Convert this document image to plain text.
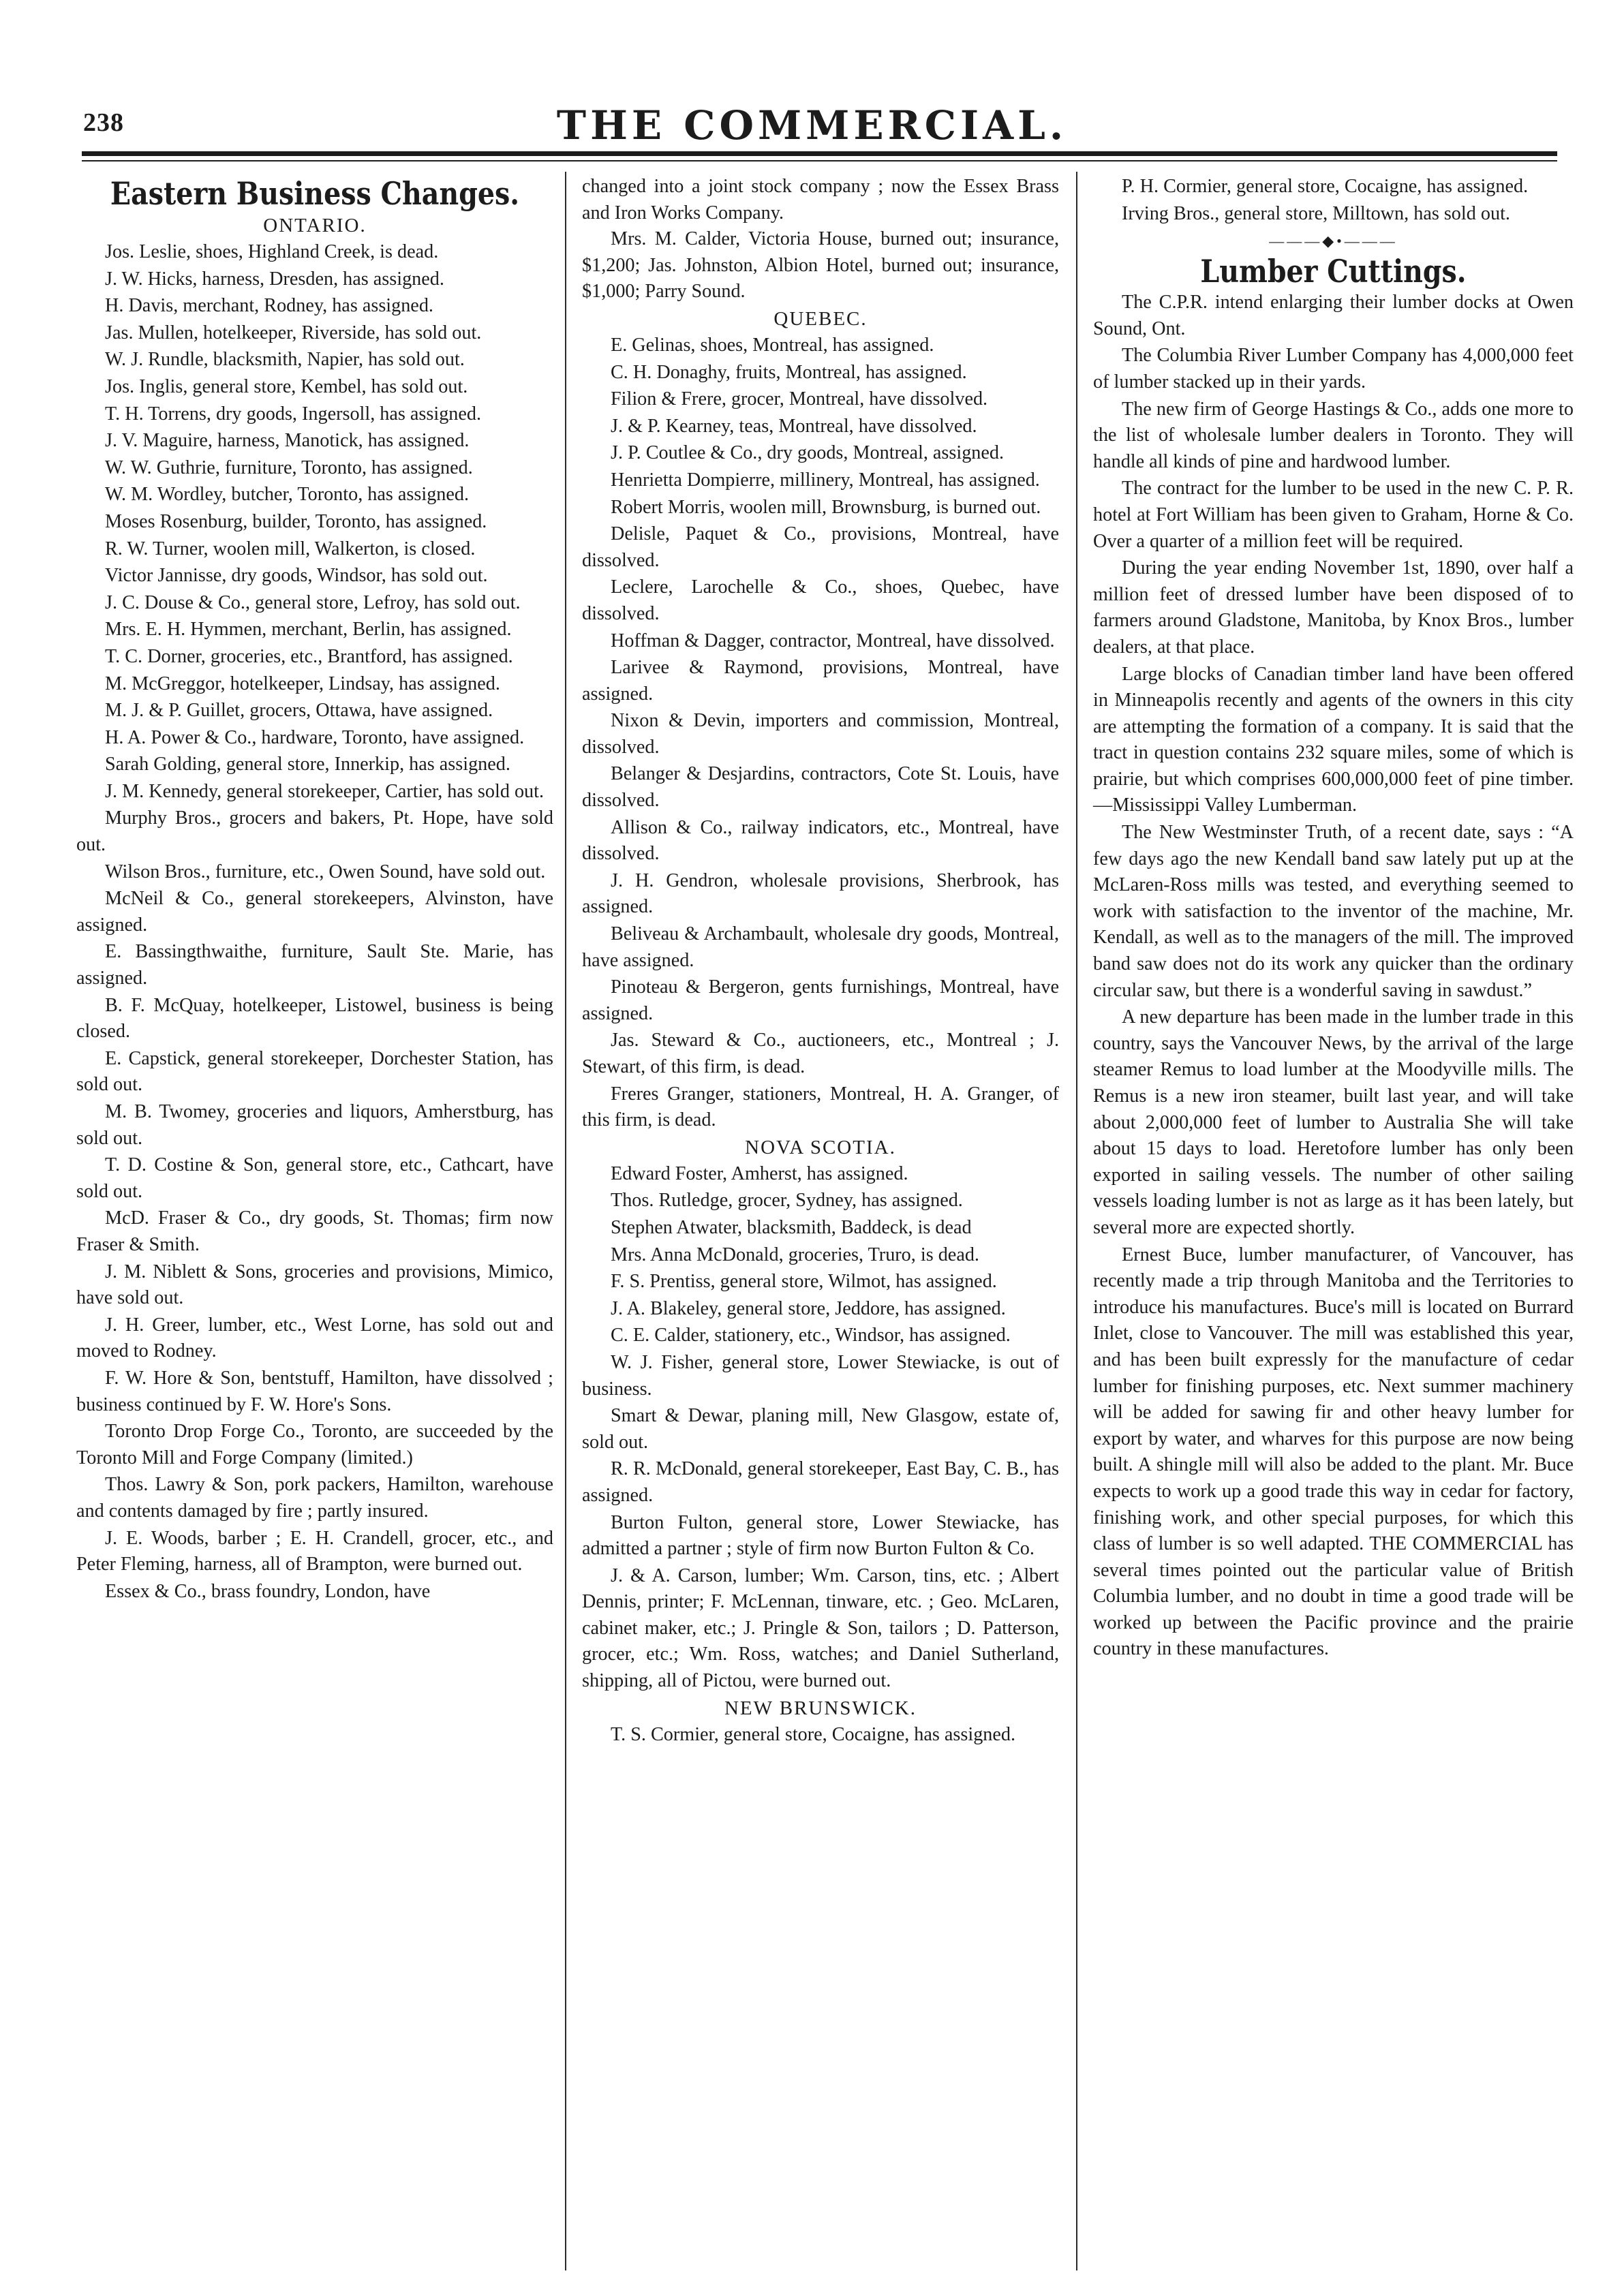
238	THE COMMERCIAL.
Eastern Business Changes.
ONTARIO.

Jos. Leslie, shoes, Highland Creek, is dead.

J. W. Hicks, harness, Dresden, has assigned.

H. Davis, merchant, Rodney, has assigned.

Jas. Mullen, hotelkeeper, Riverside, has sold out.

W. J. Rundle, blacksmith, Napier, has sold out.

Jos. Inglis, general store, Kembel, has sold out.

T. H. Torrens, dry goods, Ingersoll, has assigned.

J. V. Maguire, harness, Manotick, has assigned.

W. W. Guthrie, furniture, Toronto, has assigned.

W. M. Wordley, butcher, Toronto, has assigned.

Moses Rosenburg, builder, Toronto, has assigned.

R. W. Turner, woolen mill, Walkerton, is closed.

Victor Jannisse, dry goods, Windsor, has sold out.

J. C. Douse & Co., general store, Lefroy, has sold out.

Mrs. E. H. Hymmen, merchant, Berlin, has assigned.

T. C. Dorner, groceries, etc., Brantford, has assigned.

M. McGreggor, hotelkeeper, Lindsay, has assigned.

M. J. & P. Guillet, grocers, Ottawa, have assigned.

H. A. Power & Co., hardware, Toronto, have assigned.

Sarah Golding, general store, Innerkip, has assigned.

J. M. Kennedy, general storekeeper, Cartier, has sold out.

Murphy Bros., grocers and bakers, Pt. Hope, have sold out.

Wilson Bros., furniture, etc., Owen Sound, have sold out.

McNeil & Co., general storekeepers, Alvinston, have assigned.

E. Bassingthwaithe, furniture, Sault Ste. Marie, has assigned.

B. F. McQuay, hotelkeeper, Listowel, business is being closed.

E. Capstick, general storekeeper, Dorchester Station, has sold out.

M. B. Twomey, groceries and liquors, Amherstburg, has sold out.

T. D. Costine & Son, general store, etc., Cathcart, have sold out.

McD. Fraser & Co., dry goods, St. Thomas; firm now Fraser & Smith.

J. M. Niblett & Sons, groceries and provisions, Mimico, have sold out.

J. H. Greer, lumber, etc., West Lorne, has sold out and moved to Rodney.

F. W. Hore & Son, bentstuff, Hamilton, have dissolved ; business continued by F. W. Hore's Sons.

Toronto Drop Forge Co., Toronto, are succeeded by the Toronto Mill and Forge Company (limited.)

Thos. Lawry & Son, pork packers, Hamilton, warehouse and contents damaged by fire ; partly insured.

J. E. Woods, barber ; E. H. Crandell, grocer, etc., and Peter Fleming, harness, all of Brampton, were burned out.

Essex & Co., brass foundry, London, have

changed into a joint stock company ; now the Essex Brass and Iron Works Company.

Mrs. M. Calder, Victoria House, burned out; insurance, $1,200; Jas. Johnston, Albion Hotel, burned out; insurance, $1,000; Parry Sound.

QUEBEC.

E. Gelinas, shoes, Montreal, has assigned.

C. H. Donaghy, fruits, Montreal, has assigned.

Filion & Frere, grocer, Montreal, have dissolved.

J. & P. Kearney, teas, Montreal, have dissolved.

J. P. Coutlee & Co., dry goods, Montreal, assigned.

Henrietta Dompierre, millinery, Montreal, has assigned.

Robert Morris, woolen mill, Brownsburg, is burned out.

Delisle, Paquet & Co., provisions, Montreal, have dissolved.

Leclere, Larochelle & Co., shoes, Quebec, have dissolved.

Hoffman & Dagger, contractor, Montreal, have dissolved.

Larivee & Raymond, provisions, Montreal, have assigned.

Nixon & Devin, importers and commission, Montreal, dissolved.

Belanger & Desjardins, contractors, Cote St. Louis, have dissolved.

Allison & Co., railway indicators, etc., Montreal, have dissolved.

J. H. Gendron, wholesale provisions, Sherbrook, has assigned.

Beliveau & Archambault, wholesale dry goods, Montreal, have assigned.

Pinoteau & Bergeron, gents furnishings, Montreal, have assigned.

Jas. Steward & Co., auctioneers, etc., Montreal ; J. Stewart, of this firm, is dead.

Freres Granger, stationers, Montreal, H. A. Granger, of this firm, is dead.

NOVA SCOTIA.

Edward Foster, Amherst, has assigned.

Thos. Rutledge, grocer, Sydney, has assigned.

Stephen Atwater, blacksmith, Baddeck, is dead

Mrs. Anna McDonald, groceries, Truro, is dead.

F. S. Prentiss, general store, Wilmot, has assigned.

J. A. Blakeley, general store, Jeddore, has assigned.

C. E. Calder, stationery, etc., Windsor, has assigned.

W. J. Fisher, general store, Lower Stewiacke, is out of business.

Smart & Dewar, planing mill, New Glasgow, estate of, sold out.

R. R. McDonald, general storekeeper, East Bay, C. B., has assigned.

Burton Fulton, general store, Lower Stewiacke, has admitted a partner ; style of firm now Burton Fulton & Co.

J. & A. Carson, lumber; Wm. Carson, tins, etc. ; Albert Dennis, printer; F. McLennan, tinware, etc. ; Geo. McLaren, cabinet maker, etc.; J. Pringle & Son, tailors ; D. Patterson, grocer, etc.; Wm. Ross, watches; and Daniel Sutherland, shipping, all of Pictou, were burned out.

NEW BRUNSWICK.

T. S. Cormier, general store, Cocaigne, has assigned.

P. H. Cormier, general store, Cocaigne, has assigned.

Irving Bros., general store, Milltown, has sold out.

———◆•———
Lumber Cuttings.

The C.P.R. intend enlarging their lumber docks at Owen Sound, Ont.

The Columbia River Lumber Company has 4,000,000 feet of lumber stacked up in their yards.

The new firm of George Hastings & Co., adds one more to the list of wholesale lumber dealers in Toronto. They will handle all kinds of pine and hardwood lumber.

The contract for the lumber to be used in the new C. P. R. hotel at Fort William has been given to Graham, Horne & Co. Over a quarter of a million feet will be required.

During the year ending November 1st, 1890, over half a million feet of dressed lumber have been disposed of to farmers around Gladstone, Manitoba, by Knox Bros., lumber dealers, at that place.

Large blocks of Canadian timber land have been offered in Minneapolis recently and agents of the owners in this city are attempting the formation of a company. It is said that the tract in question contains 232 square miles, some of which is prairie, but which comprises 600,000,000 feet of pine timber.—Mississippi Valley Lumberman.

The New Westminster Truth, of a recent date, says : “A few days ago the new Kendall band saw lately put up at the McLaren-Ross mills was tested, and everything seemed to work with satisfaction to the inventor of the machine, Mr. Kendall, as well as to the managers of the mill. The improved band saw does not do its work any quicker than the ordinary circular saw, but there is a wonderful saving in sawdust.”

A new departure has been made in the lumber trade in this country, says the Vancouver News, by the arrival of the large steamer Remus to load lumber at the Moodyville mills. The Remus is a new iron steamer, built last year, and will take about 2,000,000 feet of lumber to Australia She will take about 15 days to load. Heretofore lumber has only been exported in sailing vessels. The number of other sailing vessels loading lumber is not as large as it has been lately, but several more are expected shortly.

Ernest Buce, lumber manufacturer, of Vancouver, has recently made a trip through Manitoba and the Territories to introduce his manufactures. Buce's mill is located on Burrard Inlet, close to Vancouver. The mill was established this year, and has been built expressly for the manufacture of cedar lumber for finishing purposes, etc. Next summer machinery will be added for sawing fir and other heavy lumber for export by water, and wharves for this purpose are now being built. A shingle mill will also be added to the plant. Mr. Buce expects to work up a good trade this way in cedar for factory, finishing work, and other special purposes, for which this class of lumber is so well adapted. THE COMMERCIAL has several times pointed out the particular value of British Columbia lumber, and no doubt in time a good trade will be worked up between the Pacific province and the prairie country in these manufactures.
